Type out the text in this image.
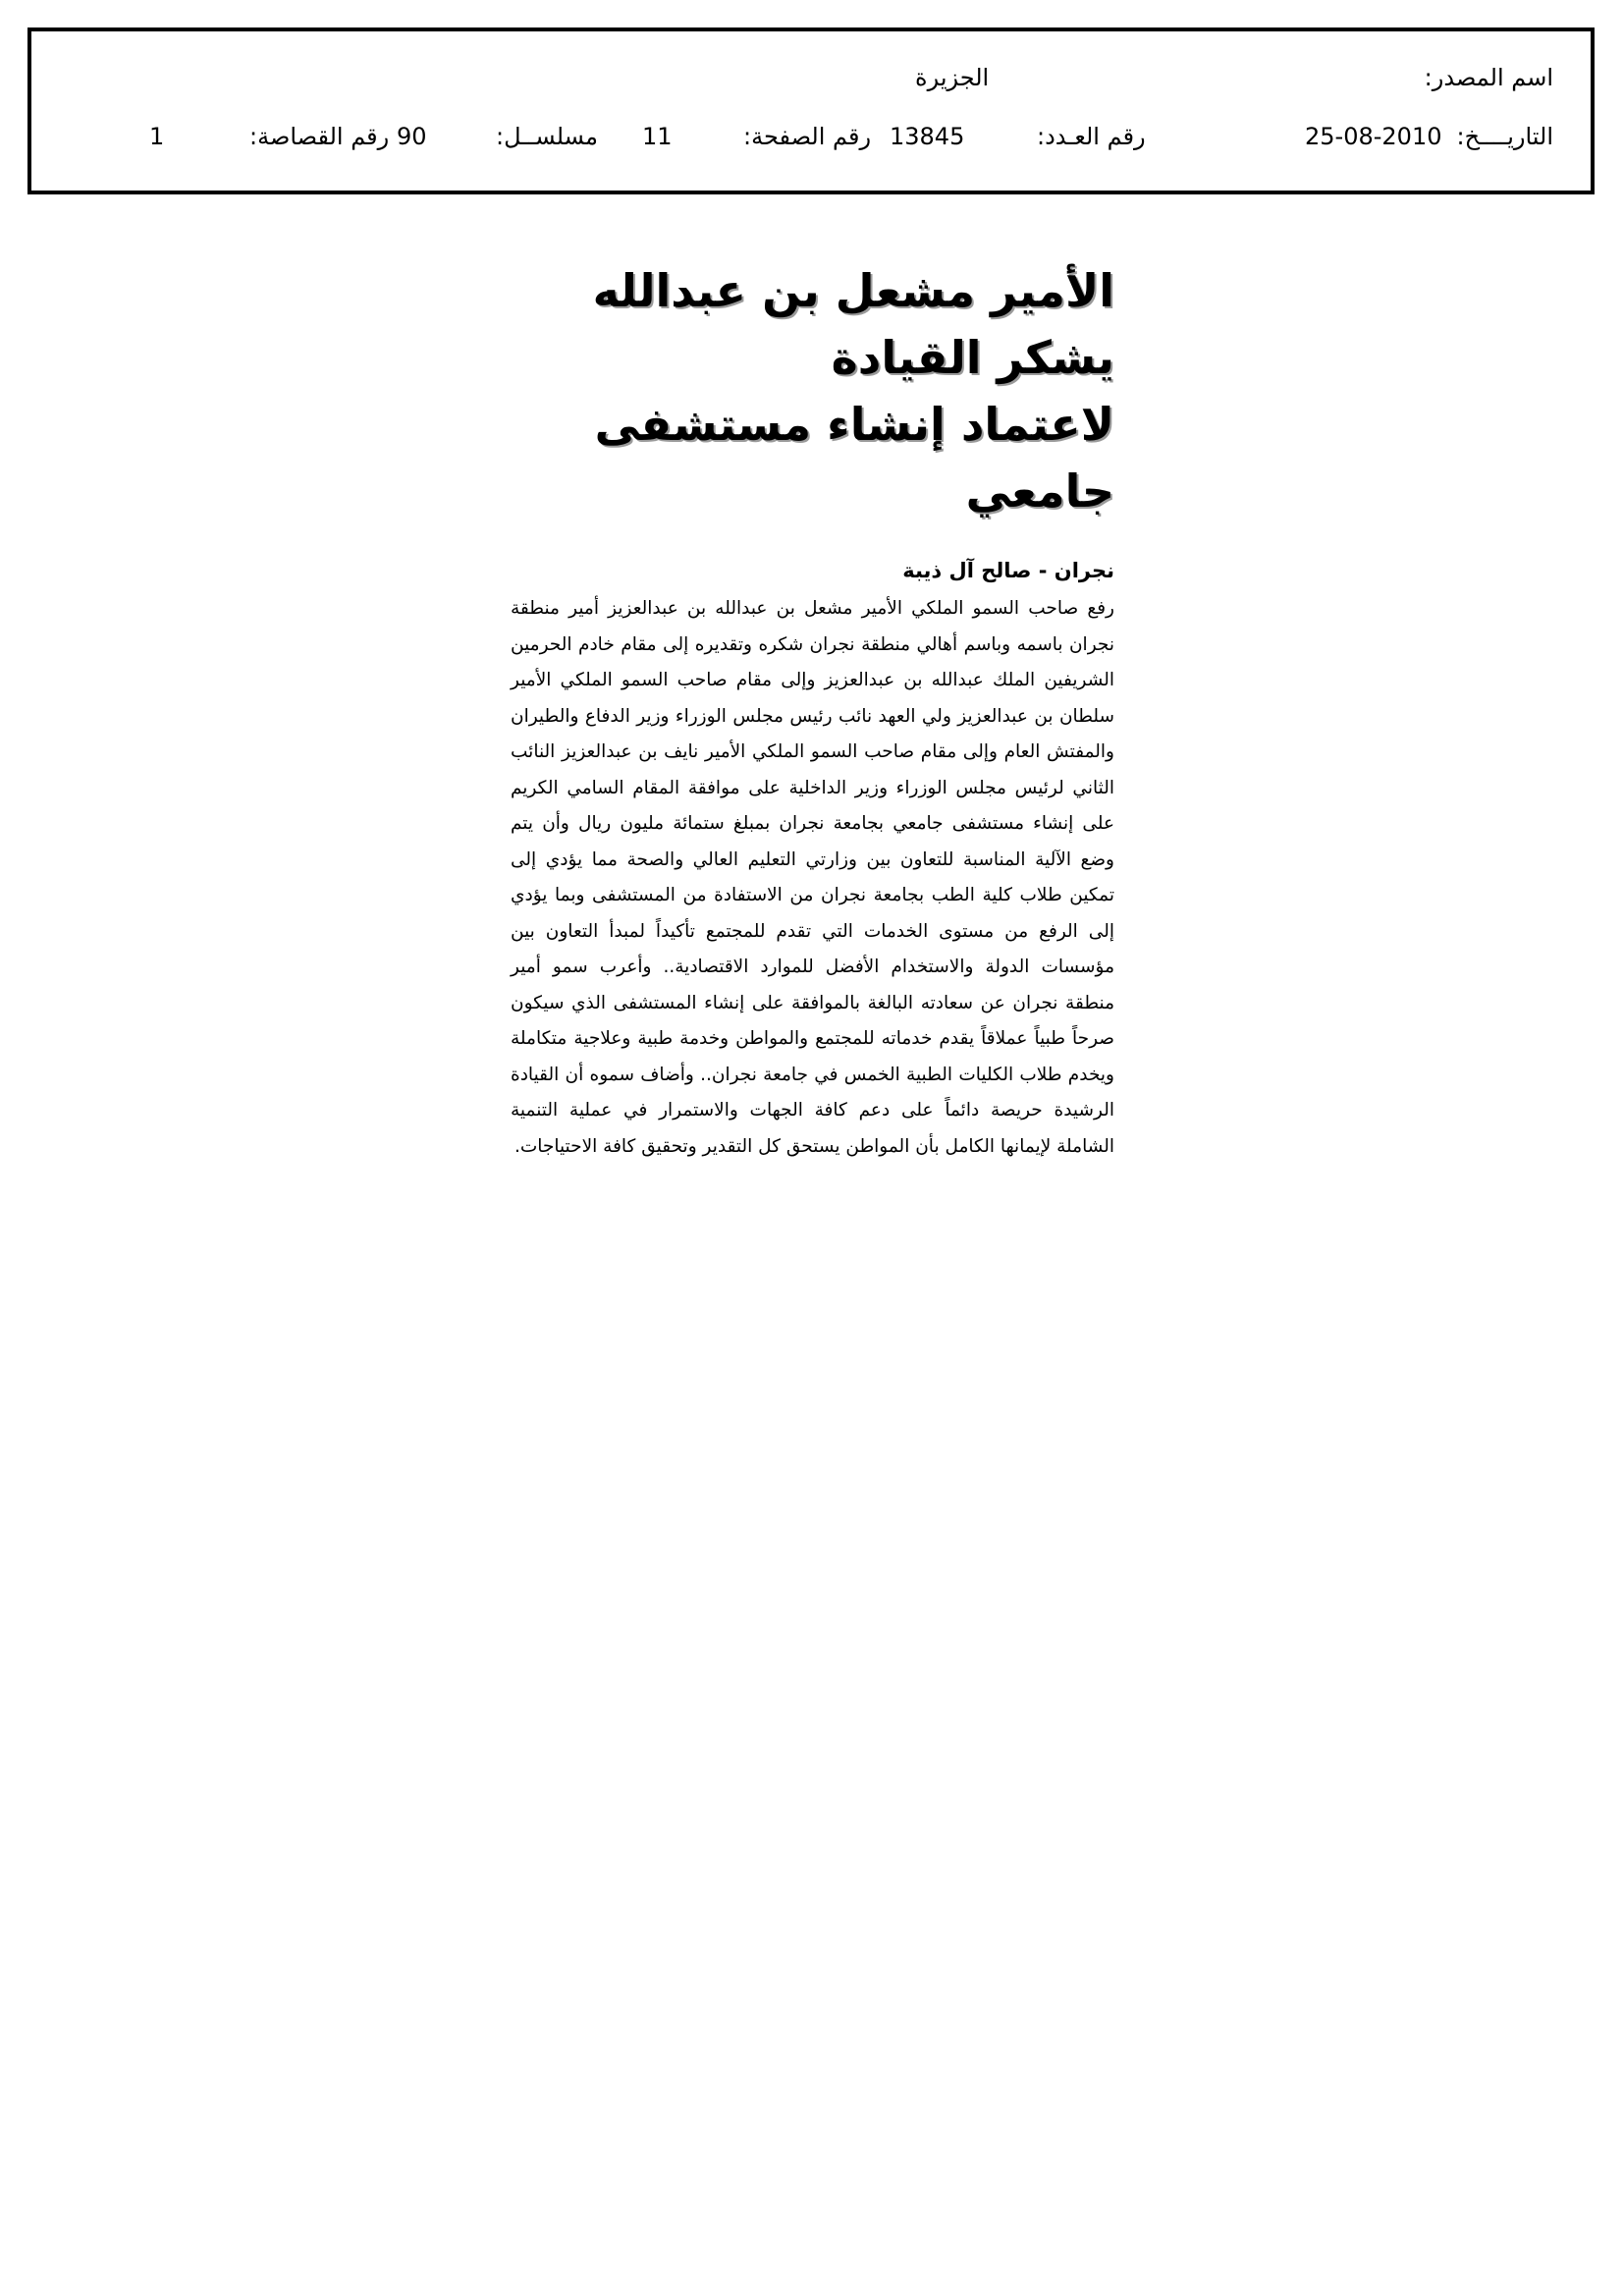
اسم المصدر:
الجزيرة
التاريــــخ:
25-08-2010
رقم العـدد:
13845
رقم الصفحة:
11
مسلســل:
90
رقم القصاصة:
1
الأمير مشعل بن عبدالله يشكر القيادة
لاعتماد إنشاء مستشفى جامعي
نجران - صالح آل ذيبة

رفع صاحب السمو الملكي الأمير مشعل بن عبدالله بن عبدالعزيز أمير منطقة نجران باسمه وباسم أهالي منطقة نجران شكره وتقديره إلى مقام خادم الحرمين الشريفين الملك عبدالله بن عبدالعزيز وإلى مقام صاحب السمو الملكي الأمير سلطان بن عبدالعزيز ولي العهد نائب رئيس مجلس الوزراء وزير الدفاع والطيران والمفتش العام وإلى مقام صاحب السمو الملكي الأمير نايف بن عبدالعزيز النائب الثاني لرئيس مجلس الوزراء وزير الداخلية على موافقة المقام السامي الكريم على إنشاء مستشفى جامعي بجامعة نجران بمبلغ ستمائة مليون ريال وأن يتم وضع الآلية المناسبة للتعاون بين وزارتي التعليم العالي والصحة مما يؤدي إلى تمكين طلاب كلية الطب بجامعة نجران من الاستفادة من المستشفى وبما يؤدي إلى الرفع من مستوى الخدمات التي تقدم للمجتمع تأكيداً لمبدأ التعاون بين مؤسسات الدولة والاستخدام الأفضل للموارد الاقتصادية.. وأعرب سمو أمير منطقة نجران عن سعادته البالغة بالموافقة على إنشاء المستشفى الذي سيكون صرحاً طبياً عملاقاً يقدم خدماته للمجتمع والمواطن وخدمة طبية وعلاجية متكاملة ويخدم طلاب الكليات الطبية الخمس في جامعة نجران.. وأضاف سموه أن القيادة الرشيدة حريصة دائماً على دعم كافة الجهات والاستمرار في عملية التنمية الشاملة لإيمانها الكامل بأن المواطن يستحق كل التقدير وتحقيق كافة الاحتياجات.
